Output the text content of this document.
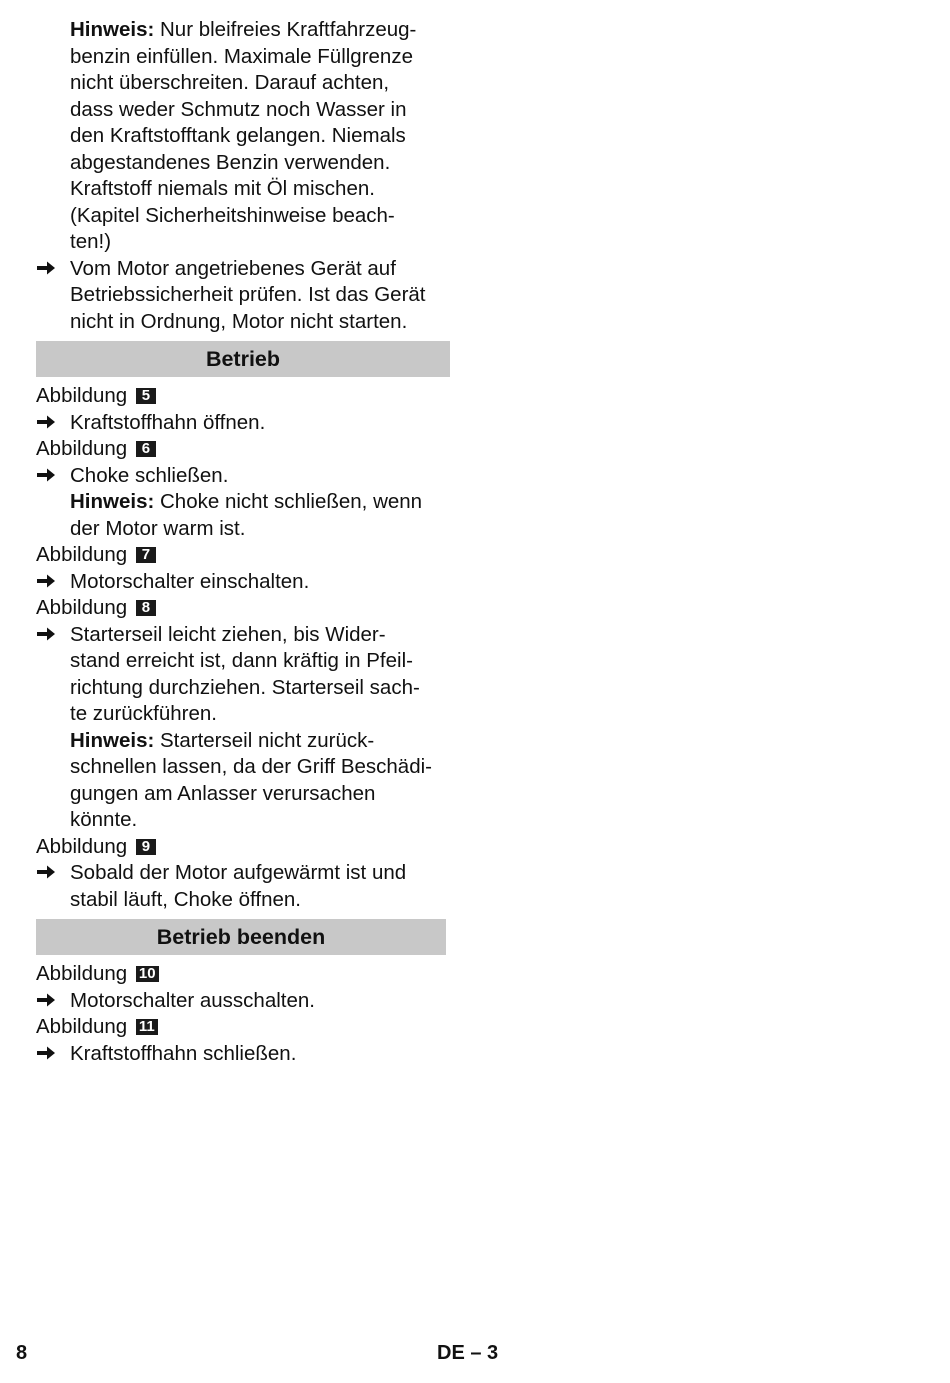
Hinweis: Nur bleifreies Kraftfahrzeug-
benzin einfüllen. Maximale Füllgrenze
nicht überschreiten. Darauf achten,
dass weder Schmutz noch Wasser in
den Kraftstofftank gelangen. Niemals
abgestandenes Benzin verwenden.
Kraftstoff niemals mit Öl mischen.
(Kapitel Sicherheitshinweise beach-
ten!)
Vom Motor angetriebenes Gerät auf
Betriebssicherheit prüfen. Ist das Gerät
nicht in Ordnung, Motor nicht starten.
Betrieb
Abbildung 5
Kraftstoffhahn öffnen.
Abbildung 6
Choke schließen.
Hinweis: Choke nicht schließen, wenn
der Motor warm ist.
Abbildung 7
Motorschalter einschalten.
Abbildung 8
Starterseil leicht ziehen, bis Wider-
stand erreicht ist, dann kräftig in Pfeil-
richtung durchziehen. Starterseil sach-
te zurückführen.
Hinweis: Starterseil nicht zurück-
schnellen lassen, da der Griff Beschädi-
gungen am Anlasser verursachen
könnte.
Abbildung 9
Sobald der Motor aufgewärmt ist und
stabil läuft, Choke öffnen.
Betrieb beenden
Abbildung 10
Motorschalter ausschalten.
Abbildung 11
Kraftstoffhahn schließen.
8	DE – 3
